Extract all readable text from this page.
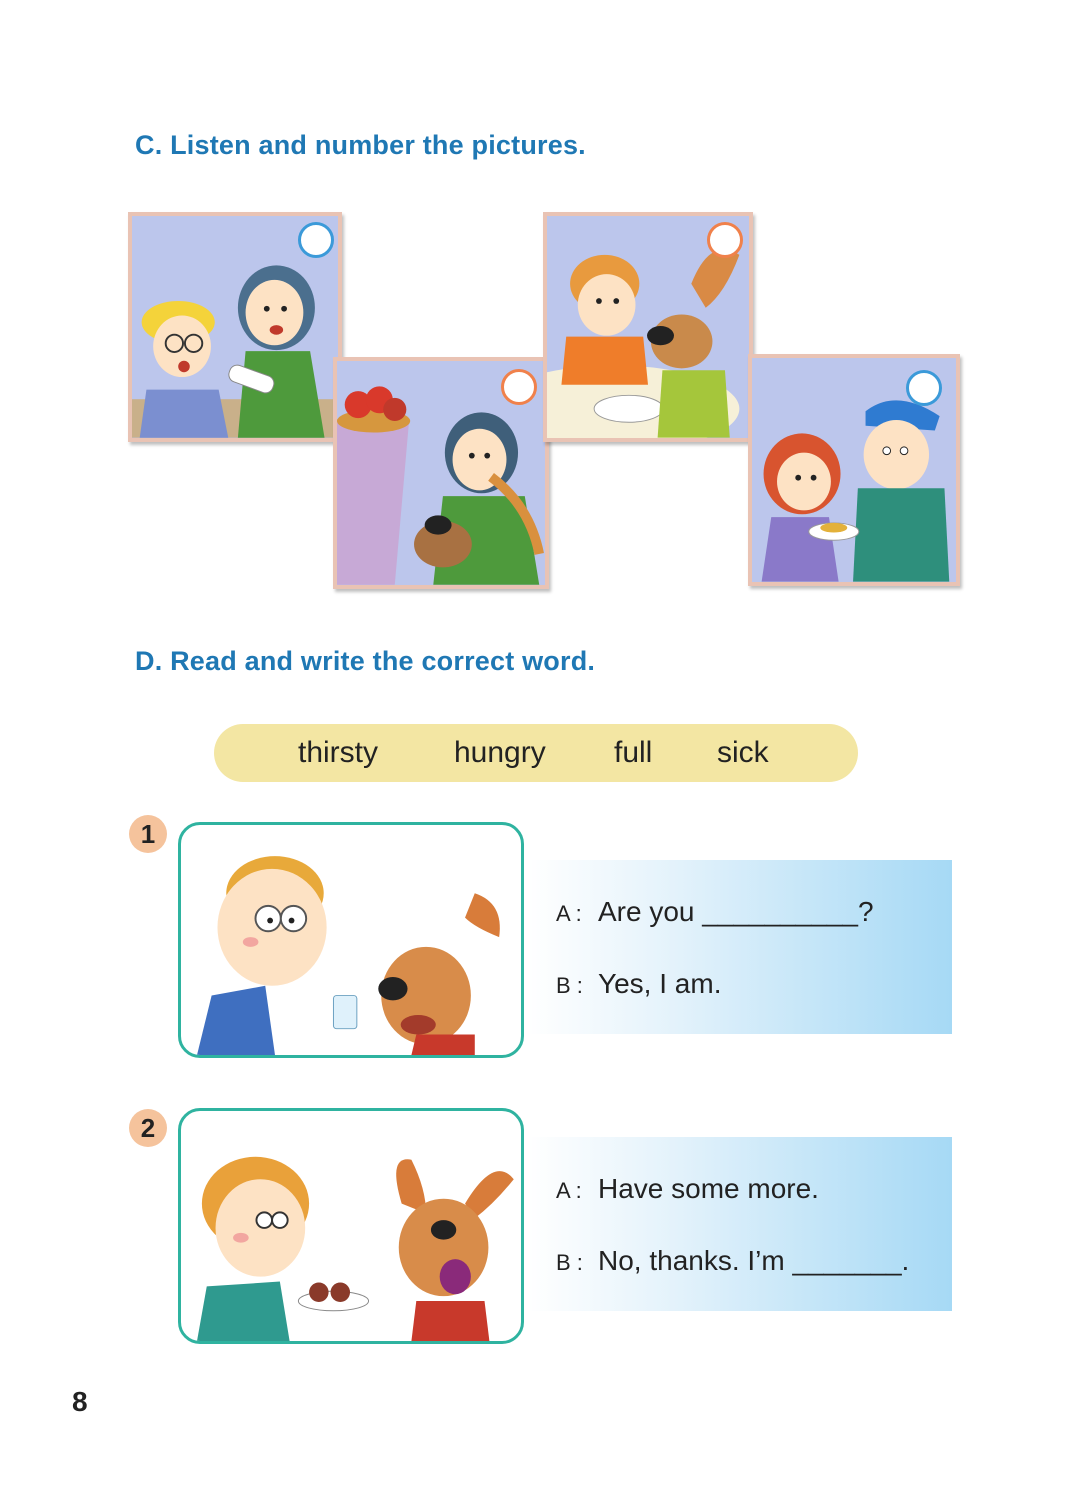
C. Listen and number the pictures.
D. Read and write the correct word.
thirsty	hungry full sick
1
A : Are you __________?
B : Yes, I am.
2
A : Have some more.
B : No, thanks. I’m _______.
8
